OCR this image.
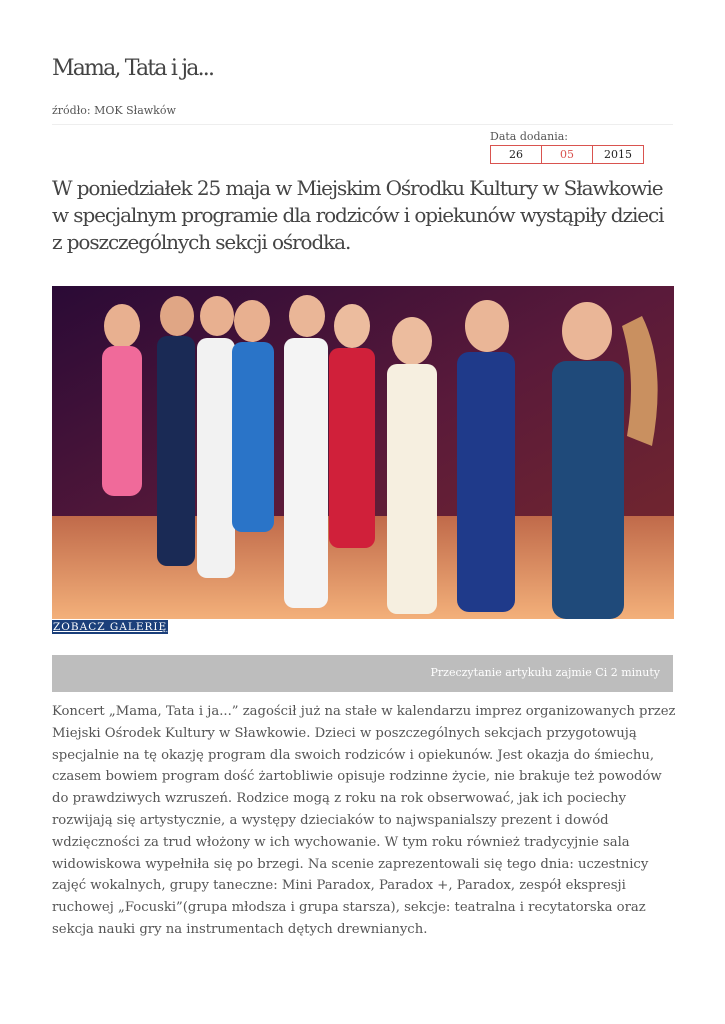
Mama, Tata i ja...
źródło: MOK Sławków
Data dodania:
26	05	2015

W poniedziałek 25 maja w Miejskim Ośrodku Kultury w Sławkowie w specjalnym programie dla rodziców i opiekunów wystąpiły dzieci z poszczególnych sekcji ośrodka.

ZOBACZ GALERIĘ
Przeczytanie artykułu zajmie Ci 2 minuty

Koncert „Mama, Tata i ja...” zagościł już na stałe w kalendarzu imprez organizowanych przez Miejski Ośrodek Kultury w Sławkowie. Dzieci w poszczególnych sekcjach przygotowują specjalnie na tę okazję program dla swoich rodziców i opiekunów. Jest okazja do śmiechu, czasem bowiem program dość żartobliwie opisuje rodzinne życie, nie brakuje też powodów do prawdziwych wzruszeń. Rodzice mogą z roku na rok obserwować, jak ich pociechy rozwijają się artystycznie, a występy dzieciaków to najwspanialszy prezent i dowód wdzięczności za trud włożony w ich wychowanie. W tym roku również tradycyjnie sala widowiskowa wypełniła się po brzegi. Na scenie zaprezentowali się tego dnia: uczestnicy zajęć wokalnych, grupy taneczne: Mini Paradox, Paradox +, Paradox, zespół ekspresji ruchowej „Focuski”(grupa młodsza i grupa starsza), sekcje: teatralna i recytatorska oraz sekcja nauki gry na instrumentach dętych drewnianych.
